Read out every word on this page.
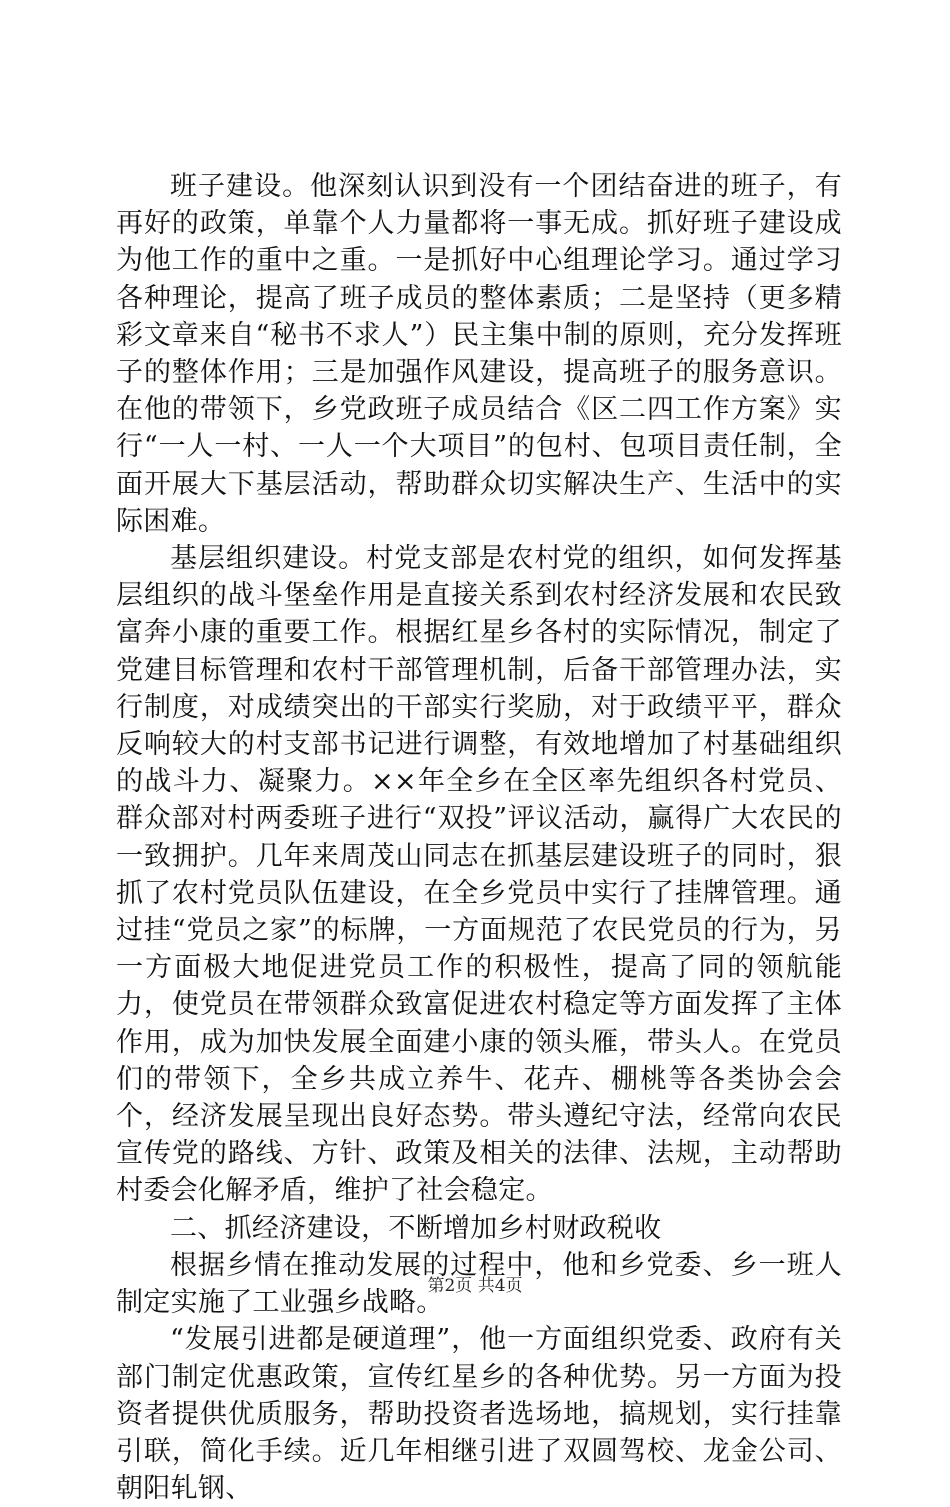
班子建设。他深刻认识到没有一个团结奋进的班子，有再好的政策，单靠个人力量都将一事无成。抓好班子建设成为他工作的重中之重。一是抓好中心组理论学习。通过学习各种理论，提高了班子成员的整体素质；二是坚持（更多精彩文章来自“秘书不求人”）民主集中制的原则，充分发挥班子的整体作用；三是加强作风建设，提高班子的服务意识。在他的带领下，乡党政班子成员结合《区二四工作方案》实行“一人一村、一人一个大项目”的包村、包项目责任制，全面开展大下基层活动，帮助群众切实解决生产、生活中的实际困难。

基层组织建设。村党支部是农村党的组织，如何发挥基层组织的战斗堡垒作用是直接关系到农村经济发展和农民致富奔小康的重要工作。根据红星乡各村的实际情况，制定了党建目标管理和农村干部管理机制，后备干部管理办法，实行制度，对成绩突出的干部实行奖励，对于政绩平平，群众反响较大的村支部书记进行调整，有效地增加了村基础组织的战斗力、凝聚力。××年全乡在全区率先组织各村党员、群众部对村两委班子进行“双投”评议活动，赢得广大农民的一致拥护。几年来周茂山同志在抓基层建设班子的同时，狠抓了农村党员队伍建设，在全乡党员中实行了挂牌管理。通过挂“党员之家”的标牌，一方面规范了农民党员的行为，另一方面极大地促进党员工作的积极性，提高了同的领航能力，使党员在带领群众致富促进农村稳定等方面发挥了主体作用，成为加快发展全面建小康的领头雁，带头人。在党员们的带领下，全乡共成立养牛、花卉、棚桃等各类协会会个，经济发展呈现出良好态势。带头遵纪守法，经常向农民宣传党的路线、方针、政策及相关的法律、法规，主动帮助村委会化解矛盾，维护了社会稳定。

二、抓经济建设，不断增加乡村财政税收

根据乡情在推动发展的过程中，他和乡党委、乡一班人制定实施了工业强乡战略。

“发展引进都是硬道理”，他一方面组织党委、政府有关部门制定优惠政策，宣传红星乡的各种优势。另一方面为投资者提供优质服务，帮助投资者选场地，搞规划，实行挂靠引联，简化手续。近几年相继引进了双圆驾校、龙金公司、朝阳轧钢、

第2页 共4页
